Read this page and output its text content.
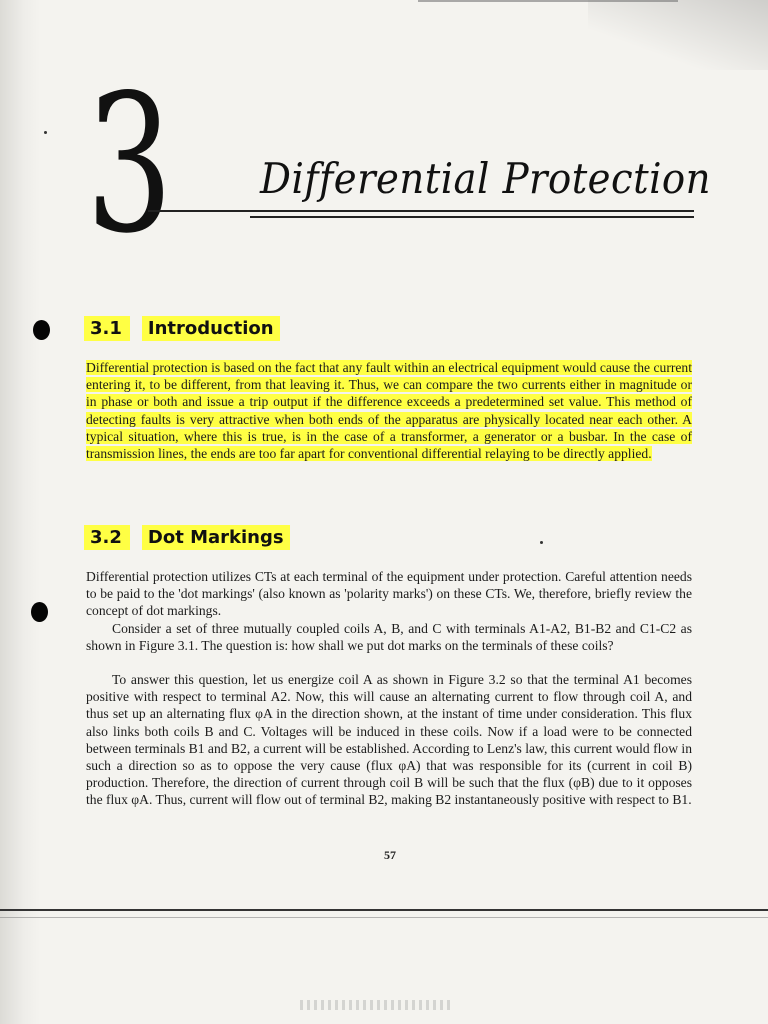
3 Differential Protection
3.1	Introduction
Differential protection is based on the fact that any fault within an electrical equipment would cause the current entering it, to be different, from that leaving it. Thus, we can compare the two currents either in magnitude or in phase or both and issue a trip output if the difference exceeds a predetermined set value. This method of detecting faults is very attractive when both ends of the apparatus are physically located near each other. A typical situation, where this is true, is in the case of a transformer, a generator or a busbar. In the case of transmission lines, the ends are too far apart for conventional differential relaying to be directly applied.
3.2	Dot Markings
Differential protection utilizes CTs at each terminal of the equipment under protection. Careful attention needs to be paid to the 'dot markings' (also known as 'polarity marks') on these CTs. We, therefore, briefly review the concept of dot markings.
Consider a set of three mutually coupled coils A, B, and C with terminals A1-A2, B1-B2 and C1-C2 as shown in Figure 3.1. The question is: how shall we put dot marks on the terminals of these coils?
To answer this question, let us energize coil A as shown in Figure 3.2 so that the terminal A1 becomes positive with respect to terminal A2. Now, this will cause an alternating current to flow through coil A, and thus set up an alternating flux φA in the direction shown, at the instant of time under consideration. This flux also links both coils B and C. Voltages will be induced in these coils. Now if a load were to be connected between terminals B1 and B2, a current will be established. According to Lenz's law, this current would flow in such a direction so as to oppose the very cause (flux φA) that was responsible for its (current in coil B) production. Therefore, the direction of current through coil B will be such that the flux (φB) due to it opposes the flux φA. Thus, current will flow out of terminal B2, making B2 instantaneously positive with respect to B1.
57
